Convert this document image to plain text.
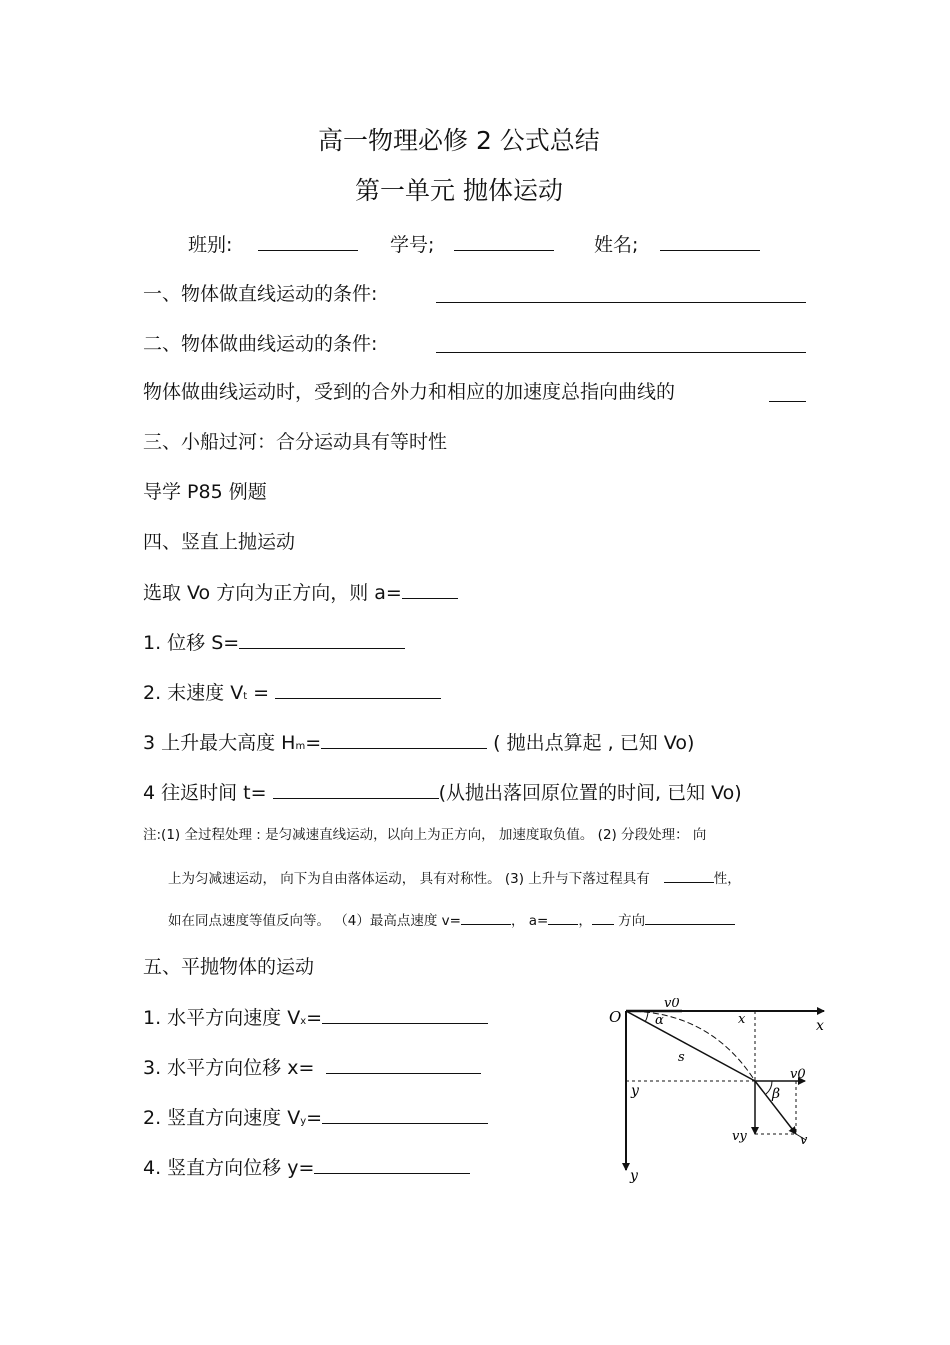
高一物理必修 2 公式总结
第一单元 抛体运动
班别:	学号;	姓名;
一、物体做直线运动的条件:
二、物体做曲线运动的条件:
物体做曲线运动时，受到的合外力和相应的加速度总指向曲线的
三、小船过河：合分运动具有等时性
导学 P85 例题
四、竖直上抛运动
选取 Vo 方向为正方向，则 a=
1. 位移 S=
2. 末速度 Vt =
3 上升最大高度 Hm=	( 抛出点算起 , 已知 Vo)
4 往返时间 t=	(从抛出落回原位置的时间, 已知 Vo)
注:(1) 全过程处理 : 是匀减速直线运动，以向上为正方向， 加速度取负值。 (2) 分段处理： 向
上为匀减速运动， 向下为自由落体运动， 具有对称性。 (3) 上升与下落过程具有	性，
如在同点速度等值反向等。 （4）最高点速度 v=	， a= ， 方向
五、平抛物体的运动
1. 水平方向速度 Vx=
3. 水平方向位移 x=
2. 竖直方向速度 Vy=
4. 竖直方向位移 y=
O
v0
α	x	x
s
y
v0
β
vy	v
y
